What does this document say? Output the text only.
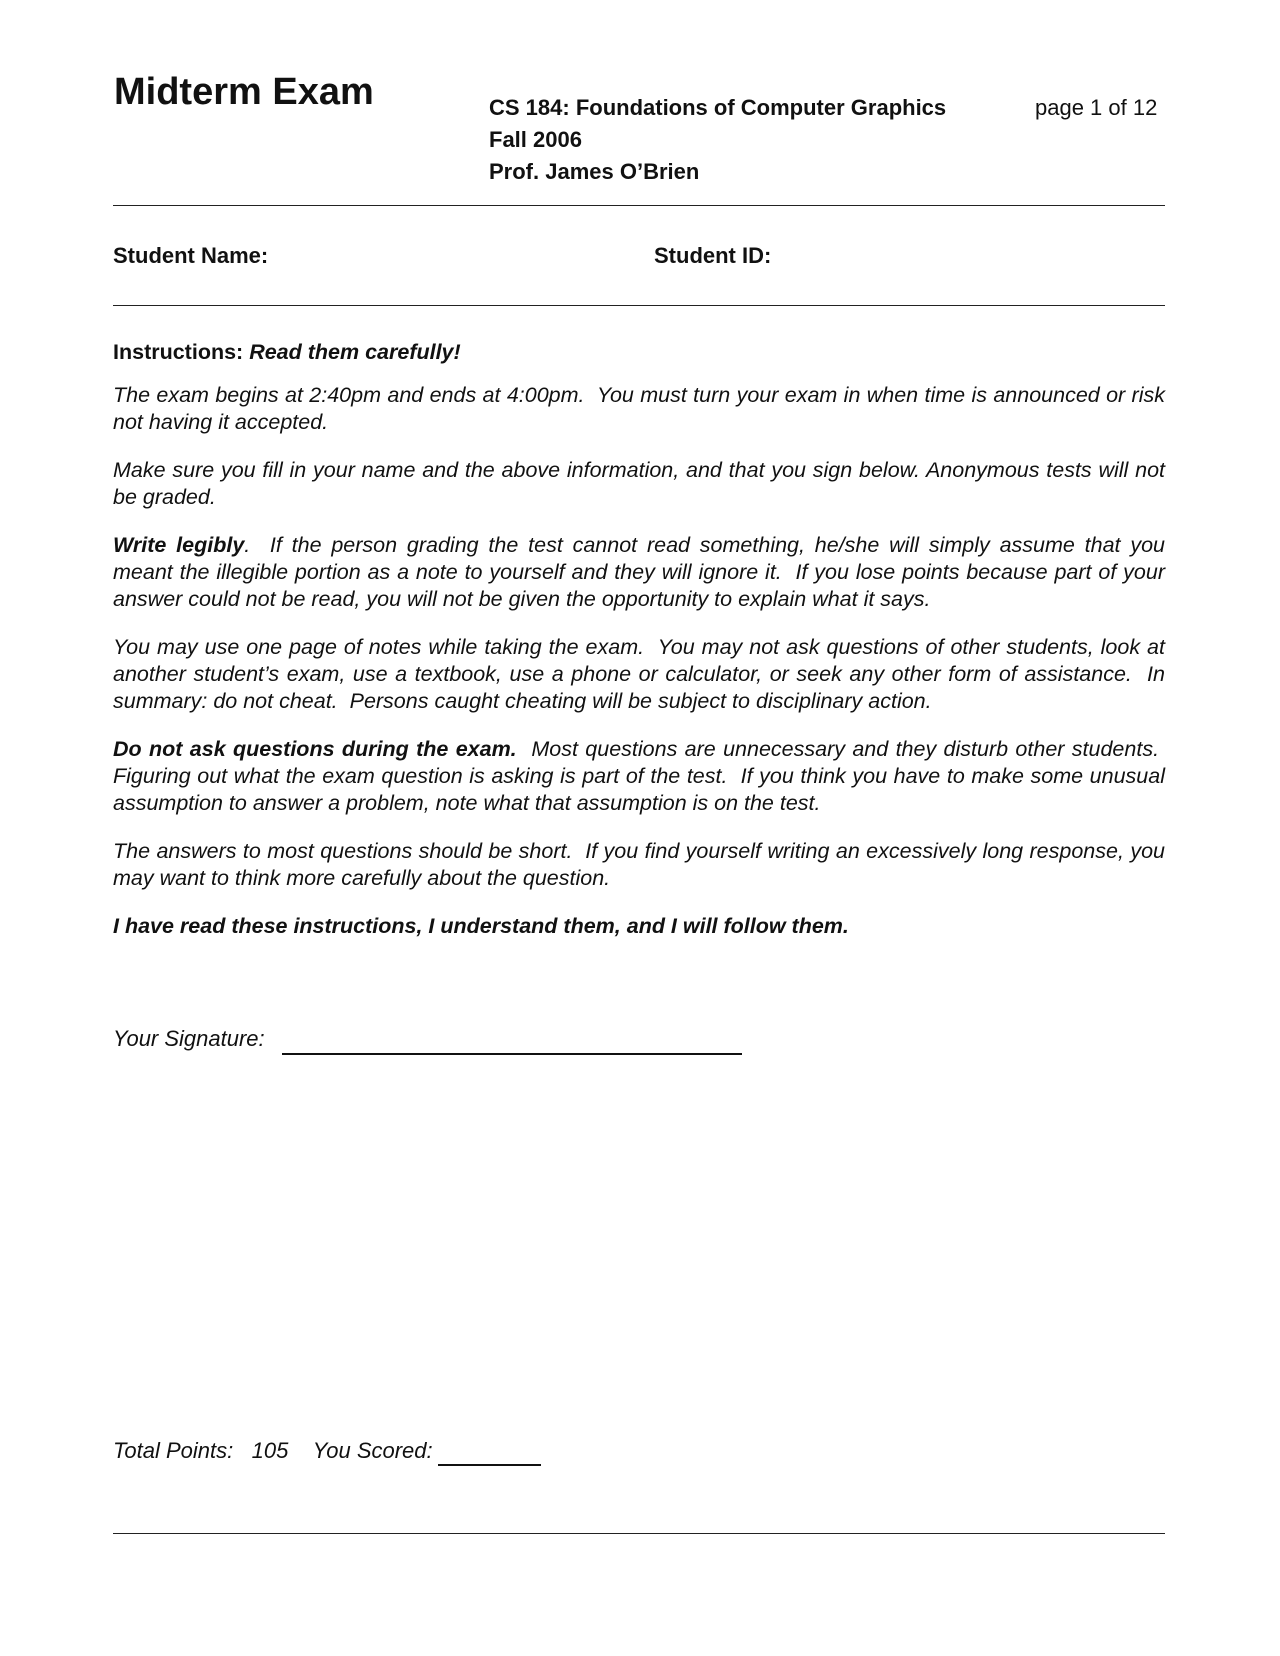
Midterm Exam	CS 184: Foundations of Computer Graphics
Fall 2006
Prof. James O’Brien
page 1 of 12
Student Name:	Student ID:

Instructions: Read them carefully!

The exam begins at 2:40pm and ends at 4:00pm.  You must turn your exam in when time is announced or risk not having it accepted.

Make sure you fill in your name and the above information, and that you sign below. Anonymous tests will not be graded.

Write legibly.  If the person grading the test cannot read something, he/she will simply assume that you meant the illegible portion as a note to yourself and they will ignore it.  If you lose points because part of your answer could not be read, you will not be given the opportunity to explain what it says.

You may use one page of notes while taking the exam.  You may not ask questions of other students, look at another student’s exam, use a textbook, use a phone or calculator, or seek any other form of assistance.  In summary: do not cheat.  Persons caught cheating will be subject to disciplinary action.

Do not ask questions during the exam.  Most questions are unnecessary and they disturb other students.  Figuring out what the exam question is asking is part of the test.  If you think you have to make some unusual assumption to answer a problem, note what that assumption is on the test.

The answers to most questions should be short.  If you find yourself writing an excessively long response, you may want to think more carefully about the question.

I have read these instructions, I understand them, and I will follow them.

Your Signature:
Total Points: 105 You Scored:
